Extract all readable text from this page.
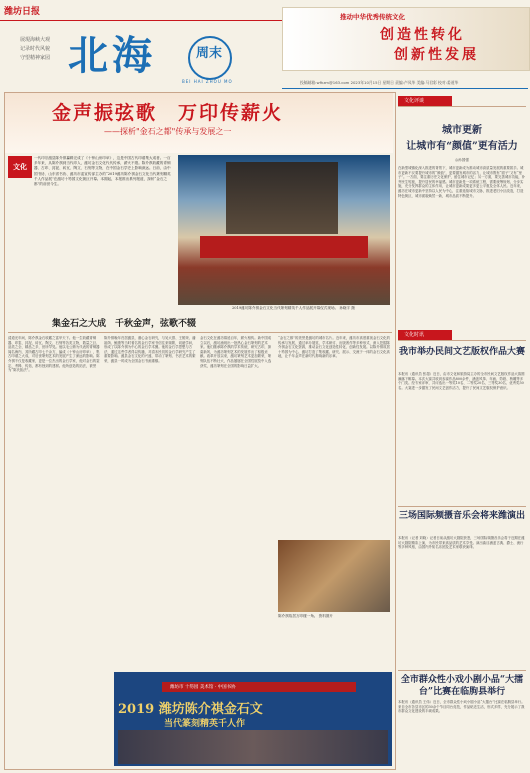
潍坊日报
展現海峡大观
记录时代风貌
守望精神家园 北海	周末
BEI HAI ZHOU MO
推动中华优秀传统文化
创造性转化
创新性发展
投稿邮箱:wfhzm@163.com 2023年10月15日 星期日 责编:卢凤华 美编:马君彩 校对:姜道华
金声振弦歌　万印传薪火
——探析"金石之都"传承与发展之一
文化
一代印宗潍县陈介祺纂辑完成了《十钟山房印举》，这是中国古代印谱集大成者。一百多年来，从陈介祺到当代印人，潍坊金石文化代代传承，薪火不熄。陈介祺收藏的青铜器、古印、封泥、砖瓦、陶文、石刻等文物，在中国金石学史上影响深远。日前，由中国书协、山东省书协、潍坊市委宣传部主办的“2019潍坊陈介祺金石文化当代篆刻精英千人作品展”在潍坊十笏园文化街区开幕。本期起，本报推出系列报道，探析“金石之都”的前世今生。
2019潍坊陈介祺金石文化当代篆刻精英千人作品展开幕仪式现场。 孙晓宇 摄
集金石之大成　千秋金声，弦歌不辍
清道光年间，陈介祺金石收藏之富甲天下。他一生收藏青铜器、印玺、封泥、砖瓦、陶文、石刻等各类文物，数量之巨、品类之全、精品之多，世所罕见。他以毛公鼎为代表的青铜器闻名海内，其所藏古印七千余方，编成《十钟山房印举》，集古印谱之大成，对后世篆刻艺术的发展产生了深远的影响。陈介祺不仅是收藏家，更是一位杰出的金石学家，他对金石的鉴定、考释、传拓，都有独到的建树。他所创造的拓法，被誉为“陈氏拓法”。
陈介祺晚年归居潍县，潜心金石研究，与吴大澂、王懿荣、潘祖荫、鲍康等当时著名的金石学家书信往来频繁，切磋学问，形成了以陈介祺为中心的金石学术圈。他的金石学思想与方法，通过这些学者得以传播，对清末民初的金石学研究产生了重要影响。潍县金石文化的兴盛，带动了篆刻、书法艺术的繁荣，潍县一时成为全国金石书画重镇。
金石文化在潍坊绵延百年，薪火相传。新中国成立以后，潍坊涌现出一批热心金石篆刻的艺术家。他们继承陈介祺的学术传统，研究古印，探索新风，为潍坊篆刻艺术的发展作出了积极贡献。改革开放以来，潍坊篆刻艺术更加繁荣，篆刻队伍不断壮大，作品屡屡在全国性展览中入选获奖，潍坊篆刻在全国的影响日益扩大。
“金石之都”的美誉是潍坊的城市名片。近年来，潍坊市高度重视金石文化的传承与发展，通过举办展览、学术研讨、出版著作等多种形式，深入挖掘陈介祺金石文化资源，推动金石文化创造性转化、创新性发展。以陈介祺故居十笏园为中心，潍坊打造了集收藏、研究、展示、交流于一体的金石文化高地，让千年金声在新时代奏响新的乐章。
陈介祺故居万印楼一角。 资料图片
潍坊市 十笏园 美术馆 · 中国书协
2019 潍坊陈介祺金石文
当代篆刻精英千人作
文化评谈
城市更新
让城市有“颜值”更有活力
◎孙国强
在新型城镇化深入推进的背景下，城市更新成为推动城市高质量发展的重要抓手。城市更新不仅要提升城市的“颜值”，更要激发城市的活力，让城市既有“面子”又有“里子”。一方面，要注重历史文化保护，留住城市记忆；另一方面，要完善城市功能，补齐民生短板，提升居民的幸福感。城市更新是一项系统工程，需要统筹规划、分步实施，充分发挥群众的主体作用，让城市更新成果更多更公平惠及全体人民。近年来，潍坊在城市更新中坚持以人民为中心，注重延续城市文脉，推进老旧小区改造，打造特色街区，城市面貌焕然一新，城市品质不断提升。
文化时讯
我市举办民间文艺版权作品大赛
本报讯（通讯员 张超）近日，由市文化和旅游局主办的全市民间文艺版权作品大赛圆满落下帷幕。本次大赛共收到参赛作品800余件，涵盖风筝、年画、剪纸、核雕等多个门类。经专家评审，共评选出一等奖10名、二等奖20名、三等奖30名、优秀奖50名。大赛进一步激发了民间文艺创作活力，提升了民间文艺版权保护意识。
三场国际频摄音乐会将来潍演出
本报讯（记者 刘晓）记者日前从潍坊大剧院获悉，三场国际频摄音乐会将于近期在潍坊大剧院精彩上演，为市民带来高品质的艺术享受。演出曲目涵盖古典、爵士、流行等多种风格，由国内外知名乐团及艺术家联袂演绎。
全市群众性小戏小剧小品“大擂台”比赛在临朐县举行
本报讯（通讯员 王伟）近日，全市群众性小戏小剧小品“大擂台”比赛在临朐县举行。来自全市各县市区的30余个节目同台竞技，作品贴近生活，形式多样，充分展示了我市群众文化建设的丰硕成果。
